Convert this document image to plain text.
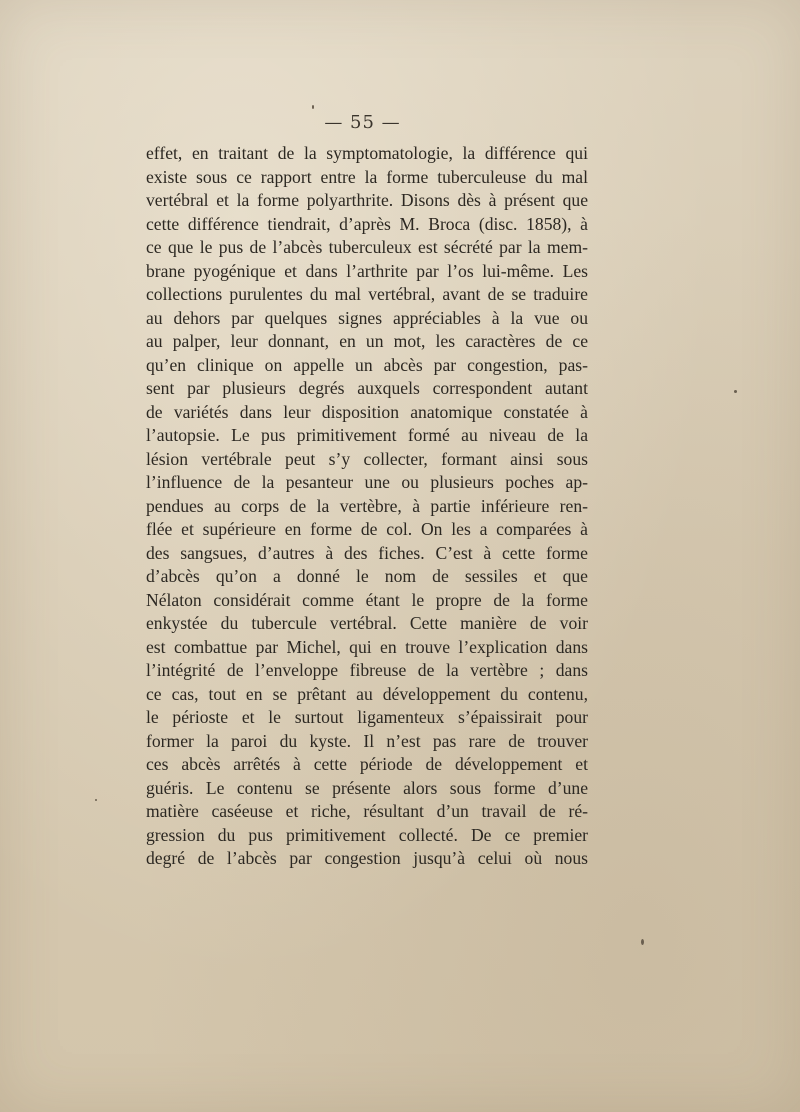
— 55 —
effet, en traitant de la symptomatologie, la différence qui
existe sous ce rapport entre la forme tuberculeuse du mal
vertébral et la forme polyarthrite. Disons dès à présent que
cette différence tiendrait, d’après M. Broca (disc. 1858), à
ce que le pus de l’abcès tuberculeux est sécrété par la mem-
brane pyogénique et dans l’arthrite par l’os lui-même. Les
collections purulentes du mal vertébral, avant de se traduire
au dehors par quelques signes appréciables à la vue ou
au palper, leur donnant, en un mot, les caractères de ce
qu’en clinique on appelle un abcès par congestion, pas-
sent par plusieurs degrés auxquels correspondent autant
de variétés dans leur disposition anatomique constatée à
l’autopsie. Le pus primitivement formé au niveau de la
lésion vertébrale peut s’y collecter, formant ainsi sous
l’influence de la pesanteur une ou plusieurs poches ap-
pendues au corps de la vertèbre, à partie inférieure ren-
flée et supérieure en forme de col. On les a comparées à
des sangsues, d’autres à des fiches. C’est à cette forme
d’abcès qu’on a donné le nom de sessiles et que
Nélaton considérait comme étant le propre de la forme
enkystée du tubercule vertébral. Cette manière de voir
est combattue par Michel, qui en trouve l’explication dans
l’intégrité de l’enveloppe fibreuse de la vertèbre ; dans
ce cas, tout en se prêtant au développement du contenu,
le périoste et le surtout ligamenteux s’épaissirait pour
former la paroi du kyste. Il n’est pas rare de trouver
ces abcès arrêtés à cette période de développement et
guéris. Le contenu se présente alors sous forme d’une
matière caséeuse et riche, résultant d’un travail de ré-
gression du pus primitivement collecté. De ce premier
degré de l’abcès par congestion jusqu’à celui où nous
